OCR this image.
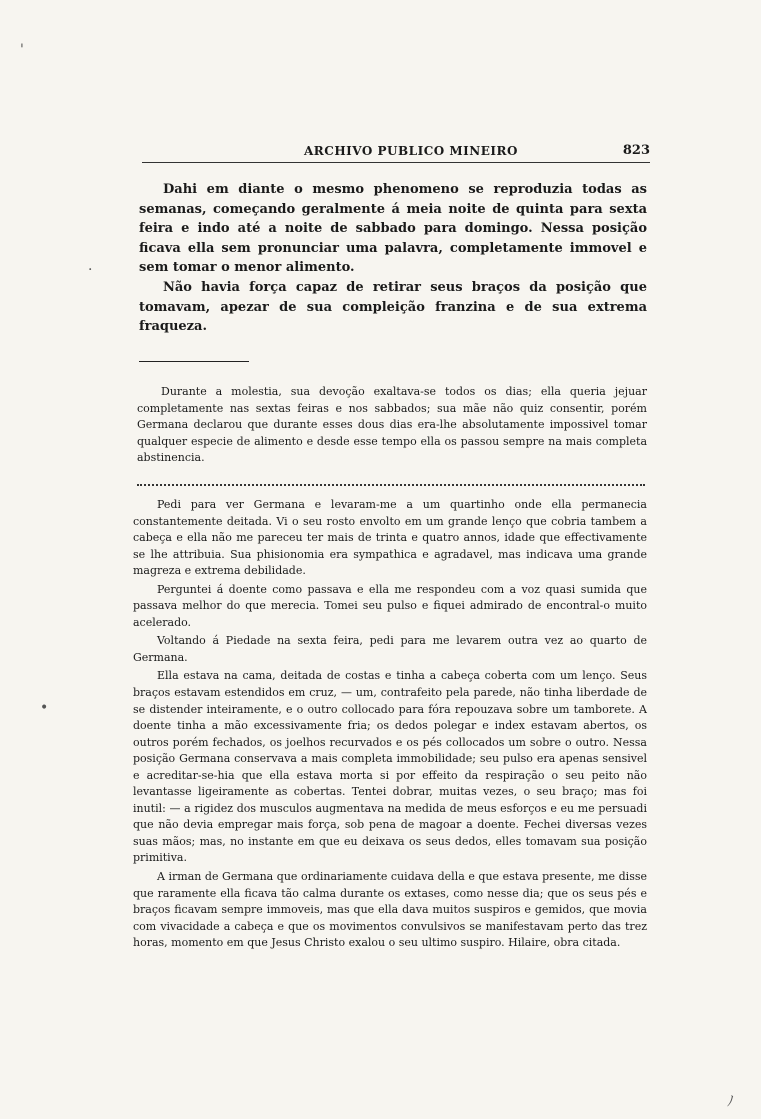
'
·
•
ﾉ
ARCHIVO PUBLICO MINEIRO	823

Dahi em diante o mesmo phenomeno se reproduzia todas as semanas, começando geralmente á meia noite de quinta para sexta feira e indo até a noite de sabbado para domingo. Nessa posição ficava ella sem pronunciar uma palavra, completamente immovel e sem tomar o menor alimento.

Não havia força capaz de retirar seus braços da posição que tomavam, apezar de sua compleição franzina e de sua extrema fraqueza.

Durante a molestia, sua devoção exaltava-se todos os dias; ella queria jejuar completamente nas sextas feiras e nos sabbados; sua mãe não quiz consentir, porém Germana declarou que durante esses dous dias era-lhe absolutamente impossivel tomar qualquer especie de alimento e desde esse tempo ella os passou sempre na mais completa abstinencia.

Pedi para ver Germana e levaram-me a um quartinho onde ella permanecia constantemente deitada. Vi o seu rosto envolto em um grande lenço que cobria tambem a cabeça e ella não me pareceu ter mais de trinta e quatro annos, idade que effectivamente se lhe attribuia. Sua phisionomia era sympathica e agradavel, mas indicava uma grande magreza e extrema debilidade.

Perguntei á doente como passava e ella me respondeu com a voz quasi sumida que passava melhor do que merecia. Tomei seu pulso e fiquei admirado de encontral-o muito acelerado.

Voltando á Piedade na sexta feira, pedi para me levarem outra vez ao quarto de Germana.

Ella estava na cama, deitada de costas e tinha a cabeça coberta com um lenço. Seus braços estavam estendidos em cruz, — um, contrafeito pela parede, não tinha liberdade de se distender inteiramente, e o outro collocado para fóra repouzava sobre um tamborete. A doente tinha a mão excessivamente fria; os dedos polegar e index estavam abertos, os outros porém fechados, os joelhos recurvados e os pés collocados um sobre o outro. Nessa posição Germana conservava a mais completa immobilidade; seu pulso era apenas sensivel e acreditar-se-hia que ella estava morta si por effeito da respiração o seu peito não levantasse ligeiramente as cobertas. Tentei dobrar, muitas vezes, o seu braço; mas foi inutil: — a rigidez dos musculos augmentava na medida de meus esforços e eu me persuadi que não devia empregar mais força, sob pena de magoar a doente. Fechei diversas vezes suas mãos; mas, no instante em que eu deixava os seus dedos, elles tomavam sua posição primitiva.

A irman de Germana que ordinariamente cuidava della e que estava presente, me disse que raramente ella ficava tão calma durante os extases, como nesse dia; que os seus pés e braços ficavam sempre immoveis, mas que ella dava muitos suspiros e gemidos, que movia com vivacidade a cabeça e que os movimentos convulsivos se manifestavam perto das trez horas, momento em que Jesus Christo exalou o seu ultimo suspiro. Hilaire, obra citada.
